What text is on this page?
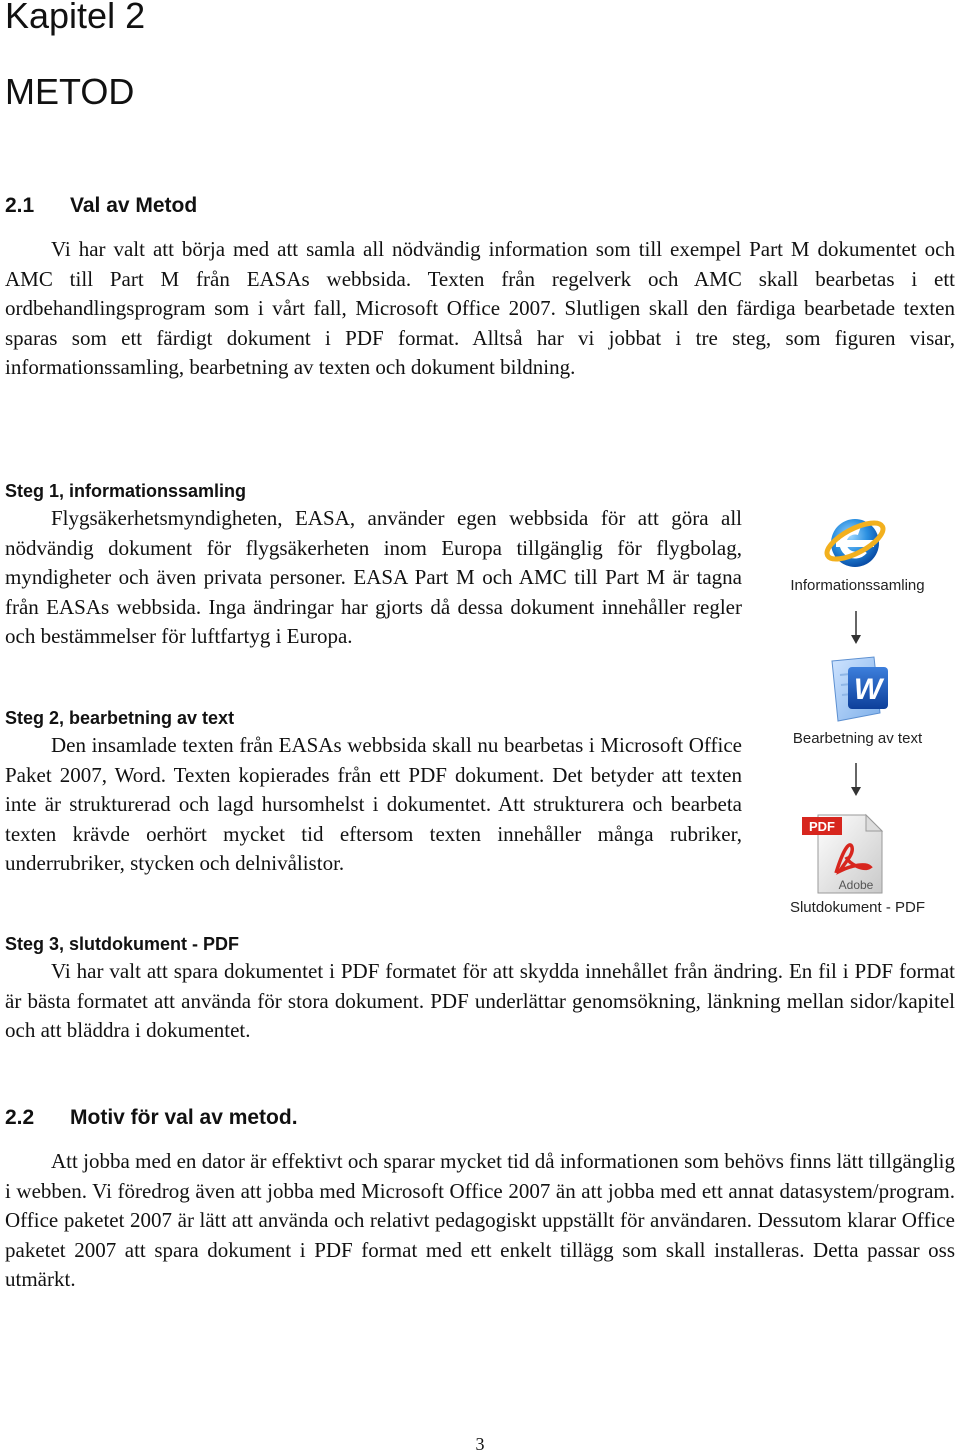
Kapitel 2
METOD
2.1 Val av Metod

Vi har valt att börja med att samla all nödvändig information som till exempel Part M dokumentet och AMC till Part M från EASAs webbsida. Texten från regelverk och AMC skall bearbetas i ett ordbehandlingsprogram som i vårt fall, Microsoft Office 2007. Slutligen skall den färdiga bearbetade texten sparas som ett färdigt dokument i PDF format. Alltså har vi jobbat i tre steg, som figuren visar, informationssamling, bearbetning av texten och dokument bildning.

Steg 1, informationssamling

Flygsäkerhetsmyndigheten, EASA, använder egen webbsida för att göra all nödvändig dokument för flygsäkerheten inom Europa tillgänglig för flygbolag, myndigheter och även privata personer. EASA Part M och AMC till Part M är tagna från EASAs webbsida. Inga ändringar har gjorts då dessa dokument innehåller regler och bestämmelser för luftfartyg i Europa.

Steg 2, bearbetning av text

Den insamlade texten från EASAs webbsida skall nu bearbetas i Microsoft Office Paket 2007, Word. Texten kopierades från ett PDF dokument. Det betyder att texten inte är strukturerad och lagd hursomhelst i dokumentet. Att strukturera och bearbeta texten krävde oerhört mycket tid eftersom texten innehåller många rubriker, underrubriker, stycken och delnivålistor.

Steg 3, slutdokument - PDF

Vi har valt att spara dokumentet i PDF formatet för att skydda innehållet från ändring. En fil i PDF format är bästa formatet att använda för stora dokument. PDF underlättar genomsökning, länkning mellan sidor/kapitel och att bläddra i dokumentet.

Informationssamling
W
Bearbetning av text
PDF
Adobe
Slutdokument - PDF
2.2 Motiv för val av metod.

Att jobba med en dator är effektivt och sparar mycket tid då informationen som behövs finns lätt tillgänglig i webben. Vi föredrog även att jobba med Microsoft Office 2007 än att jobba med ett annat datasystem/program. Office paketet 2007 är lätt att använda och relativt pedagogiskt uppställt för användaren. Dessutom klarar Office paketet 2007 att spara dokument i PDF format med ett enkelt tillägg som skall installeras. Detta passar oss utmärkt.

3
